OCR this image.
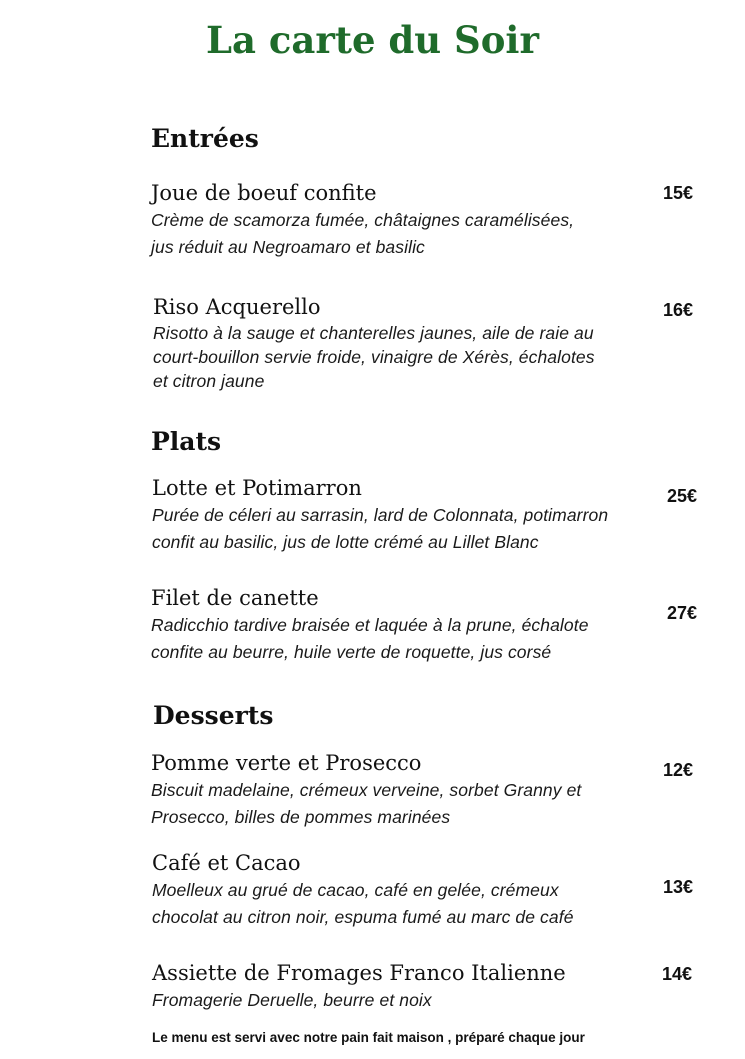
La carte du Soir
Entrées
Joue de boeuf confite
Crème de scamorza fumée, châtaignes caramélisées,
jus réduit au Negroamaro et basilic
15€
Riso Acquerello
Risotto à la sauge et chanterelles jaunes, aile de raie au
court-bouillon servie froide, vinaigre de Xérès, échalotes
et citron jaune
16€
Plats
Lotte et Potimarron
Purée de céleri au sarrasin, lard de Colonnata, potimarron
confit au basilic, jus de lotte crémé au Lillet Blanc
25€
Filet de canette
Radicchio tardive braisée et laquée à la prune, échalote
confite au beurre, huile verte de roquette, jus corsé
27€
Desserts
Pomme verte et Prosecco
Biscuit madelaine, crémeux verveine, sorbet Granny et
Prosecco, billes de pommes marinées
12€
Café et Cacao
Moelleux au grué de cacao, café en gelée, crémeux
chocolat au citron noir, espuma fumé au marc de café
13€
Assiette de Fromages Franco Italienne
Fromagerie Deruelle, beurre et noix
14€
Le menu est servi avec notre pain fait maison , préparé chaque jour
